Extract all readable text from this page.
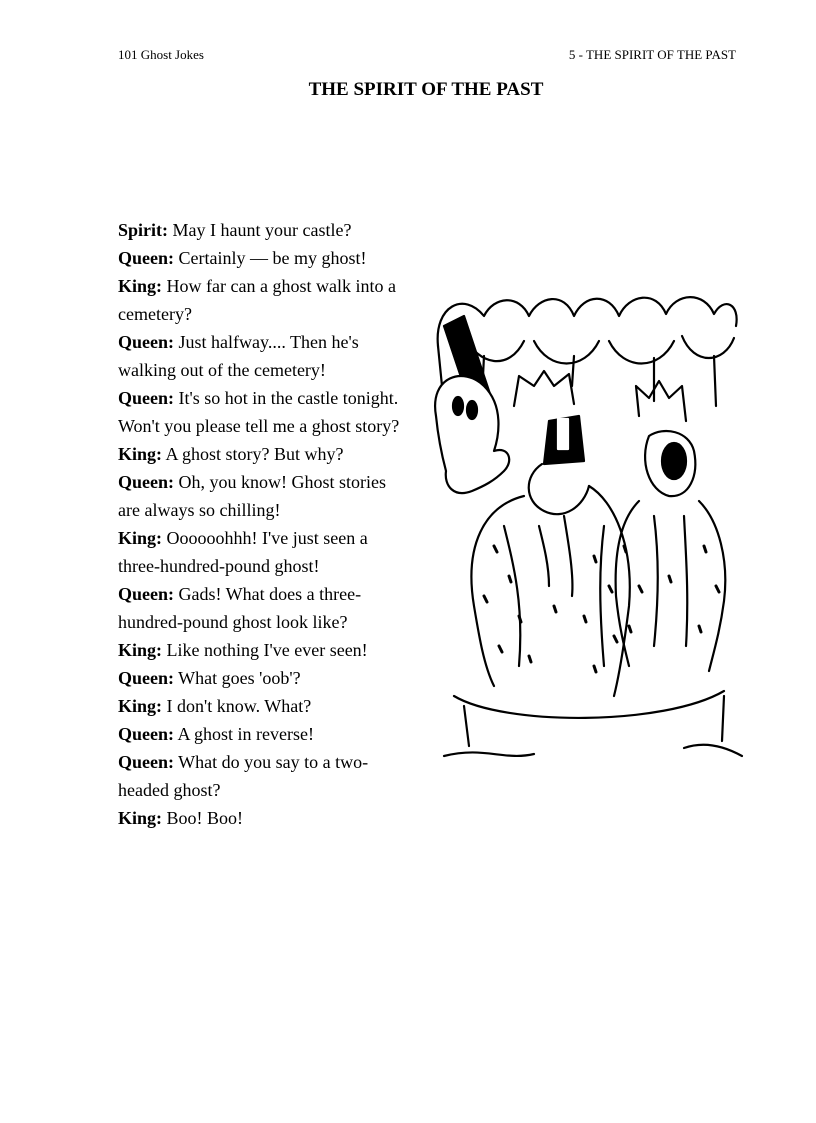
101 Ghost Jokes	5 - THE SPIRIT OF THE PAST
THE SPIRIT OF THE PAST
Spirit: May I haunt your castle?
Queen: Certainly — be my ghost!
King: How far can a ghost walk into a cemetery?
Queen: Just halfway.... Then he's walking out of the cemetery!
Queen: It's so hot in the castle tonight. Won't you please tell me a ghost story?
King: A ghost story? But why?
Queen: Oh, you know! Ghost stories are always so chilling!
King: Oooooohhh! I've just seen a three-hundred-pound ghost!
Queen: Gads! What does a three-hundred-pound ghost look like?
King: Like nothing I've ever seen!
Queen: What goes 'oob'?
King: I don't know. What?
Queen: A ghost in reverse!
Queen: What do you say to a two-headed ghost?
King: Boo! Boo!
